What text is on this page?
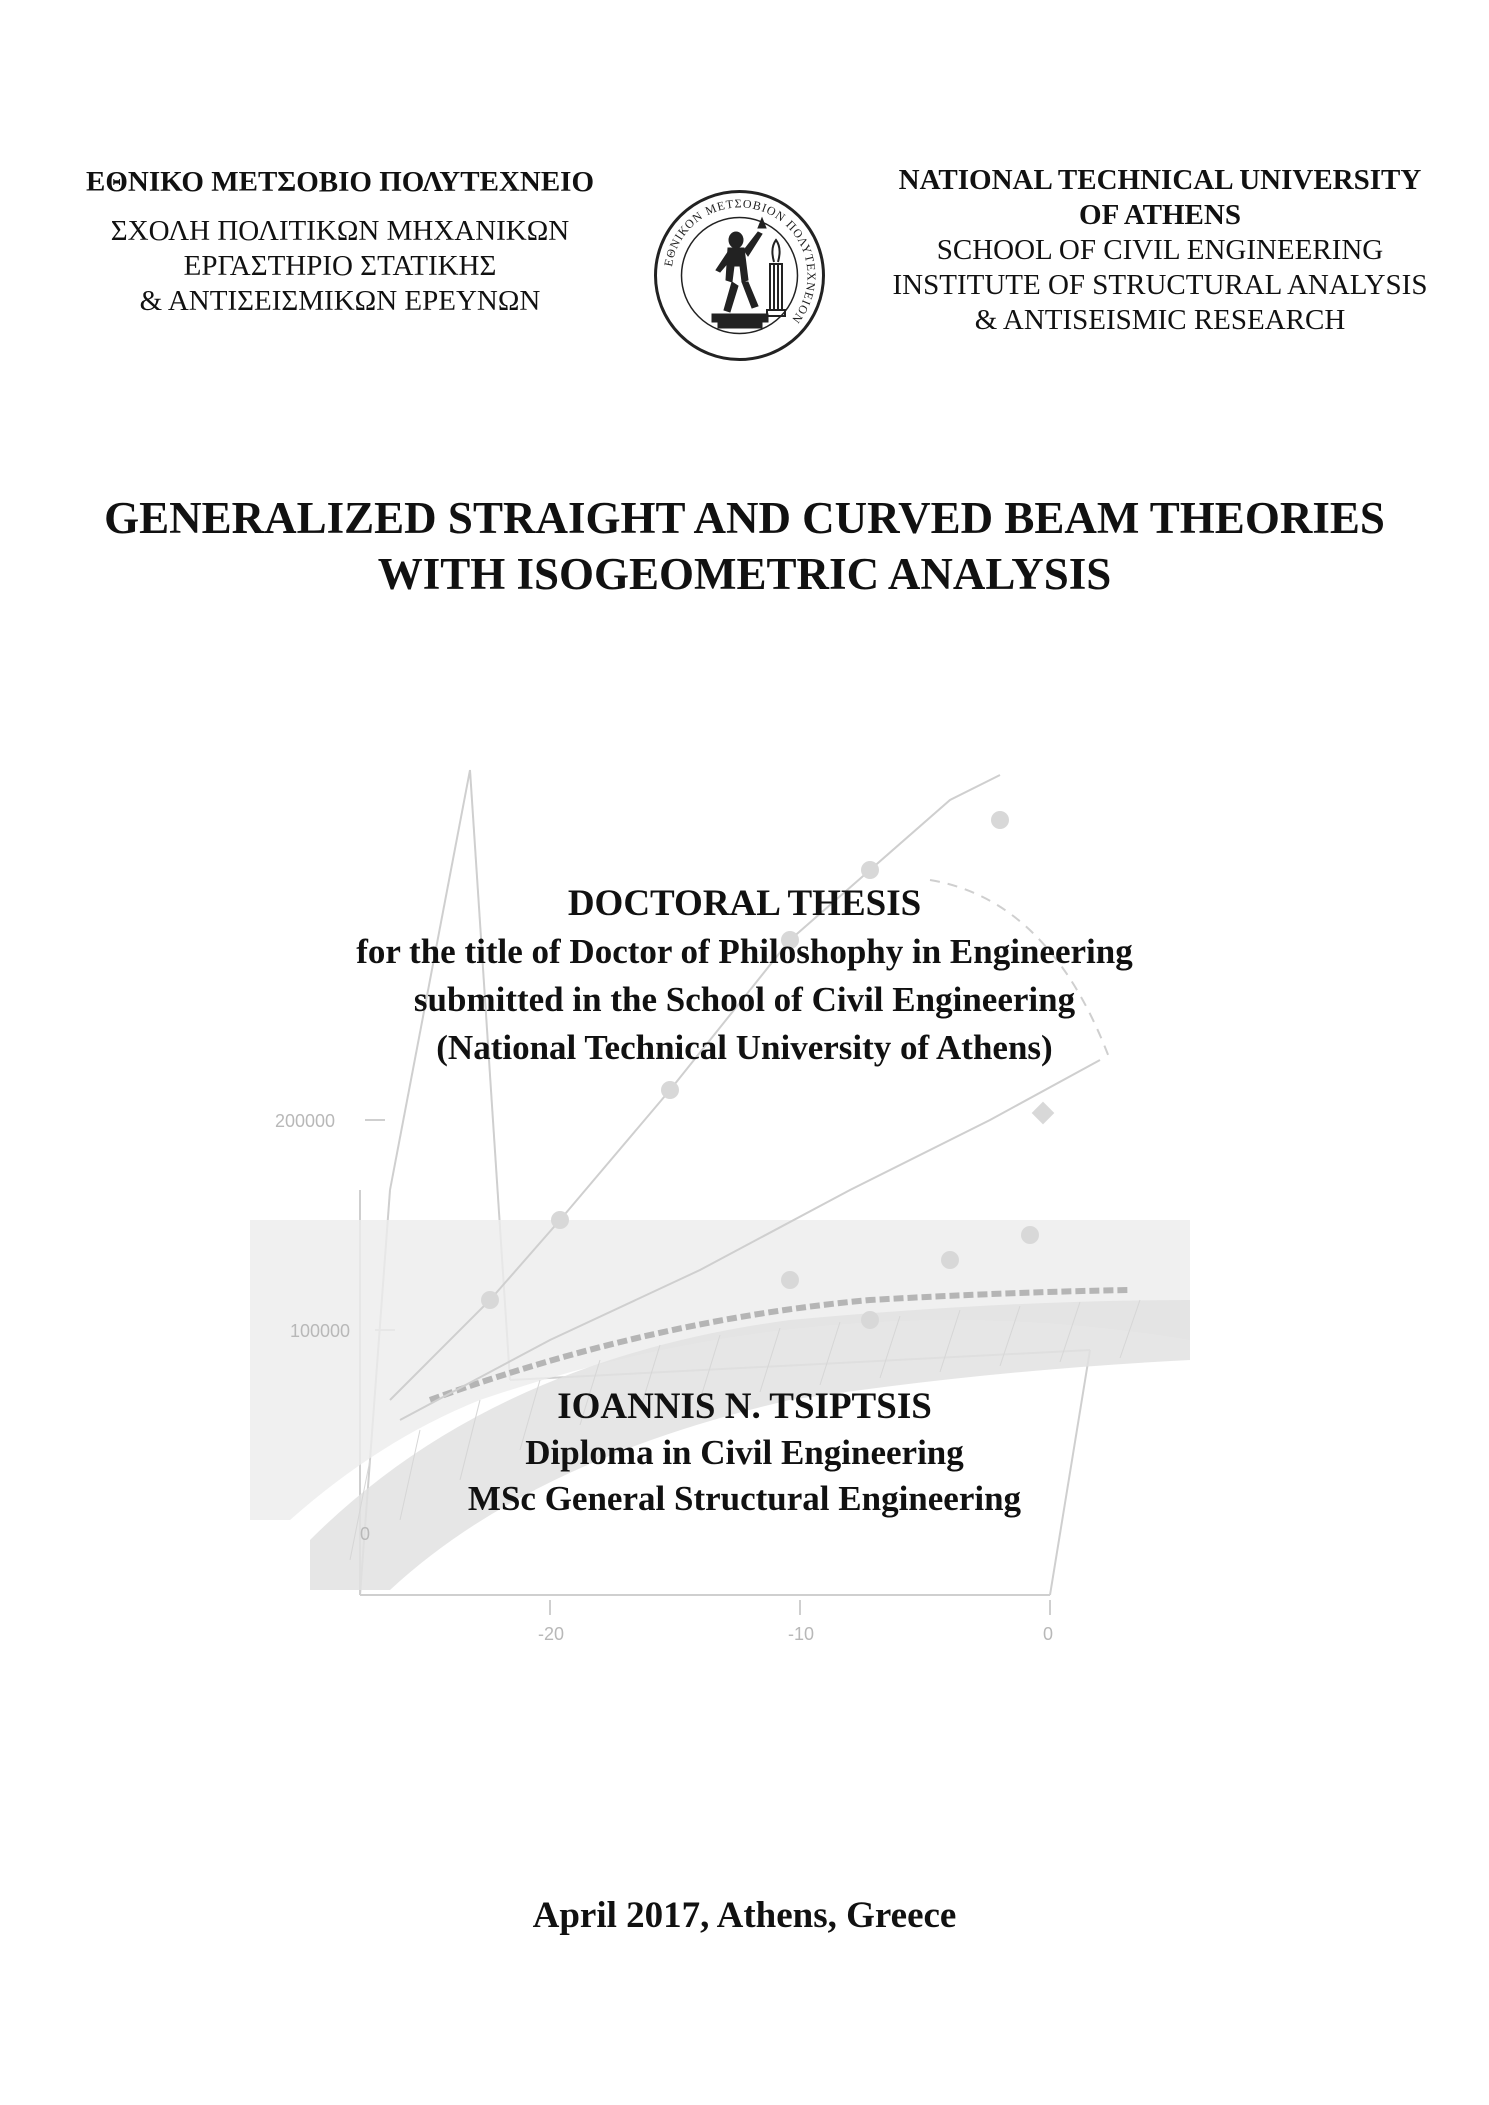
ΕΘΝΙΚΟ ΜΕΤΣΟΒΙΟ ΠΟΛΥΤΕΧΝΕΙΟ
ΣΧΟΛΗ ΠΟΛΙΤΙΚΩΝ ΜΗΧΑΝΙΚΩΝ
ΕΡΓΑΣΤΗΡΙΟ ΣΤΑΤΙΚΗΣ
& ΑΝΤΙΣΕΙΣΜΙΚΩΝ ΕΡΕΥΝΩΝ
ΕΘΝΙΚΟΝ ΜΕΤΣΟΒΙΟΝ ΠΟΛΥΤΕΧΝΕΙΟΝ
NATIONAL TECHNICAL UNIVERSITY
OF ATHENS
SCHOOL OF CIVIL ENGINEERING
INSTITUTE OF STRUCTURAL ANALYSIS
& ANTISEISMIC RESEARCH
GENERALIZED STRAIGHT AND CURVED BEAM THEORIES
WITH ISOGEOMETRIC ANALYSIS
200000
100000
0
-20	-10	0
DOCTORAL THESIS
for the title of Doctor of Philoshophy in Engineering
submitted in the School of Civil Engineering
(National Technical University of Athens)
IOANNIS N. TSIPTSIS
Diploma in Civil Engineering
MSc General Structural Engineering
April 2017, Athens, Greece
